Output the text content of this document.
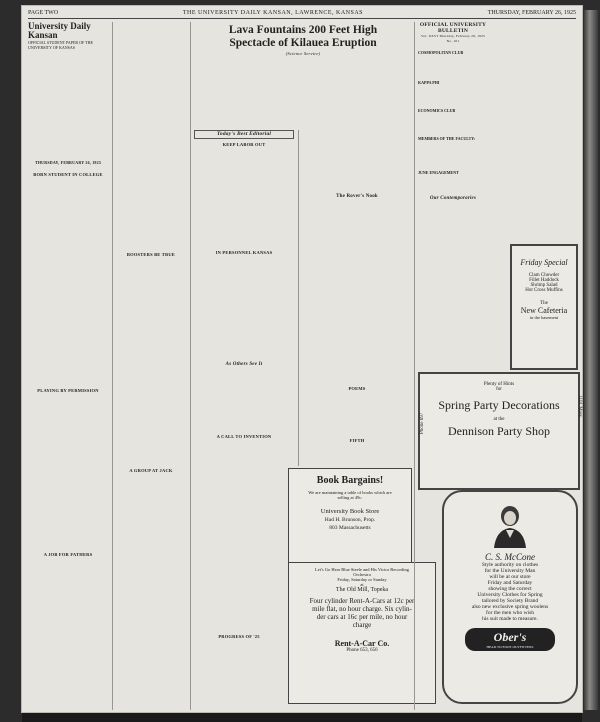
PAGE TWO	THE UNIVERSITY DAILY KANSAN, LAWRENCE, KANSAS	THURSDAY, FEBRUARY 26, 1925
University Daily Kansan
OFFICIAL STUDENT PAPER OF THE UNIVERSITY OF KANSAS
THURSDAY, FEBRUARY 26, 1925
BORN STUDENT IN COLLEGE
PLAYING BY PERMISSION
A JOB FOR FATHERS
BOOSTERS BE TRUE
A GROUP AT JACK
Lava Fountains 200 Feet High
Spectacle of Kilauea Eruption
(Science Service)
Today's Best Editorial
KEEP LABOR OUT
IN PERSONNEL KANSAS
As Others See It
A CALL TO INVENTION
The Rover's Nook
POEMS
FIFTH
PROGRESS OF '25
Book Bargains!
We are maintaining a table of books which are
selling at 49c.
University Book Store
Had H. Brunson, Prop.
803 Massachusetts
Let's Go Hear Blue Steele and His Victor Recording
Orchestra
Friday, Saturday or Sunday
at
The Old Mill, Topeka
Four cylinder Rent-A-Cars at 12c per
mile flat, no hour charge. Six cylin-
der cars at 16c per mile, no hour
charge
Rent-A-Car Co.
Phone 653, 656
OFFICIAL UNIVERSITY BULLETIN
Vol. XXVI Thursday, February 26, 1925 No. 101
COSMOPOLITAN CLUB
KAPPA PHI
ECONOMICS CLUB
MEMBERS OF THE FACULTY:
JUNE ENGAGEMENT
Our Contemporaries
Friday Special
Clam Chowder
Fillet Haddock
Shrimp Salad
Hot Cross Muffins
The
New Cafeteria
in the basement
Plenty of Hints
for
Spring Party Decorations
at the
Dennison Party Shop
Phone 697
1101 Mass.
C. S. McCone
Style authority on clothes
for the University Man
will be at our store
Friday and Saturday
showing the correct
University Clothes for Spring
tailored by Society Brand
also new exclusive spring woolens
for the men who wish
his suit made to measure.
Ober's
HEAD TO FOOT OUTFITTERS
